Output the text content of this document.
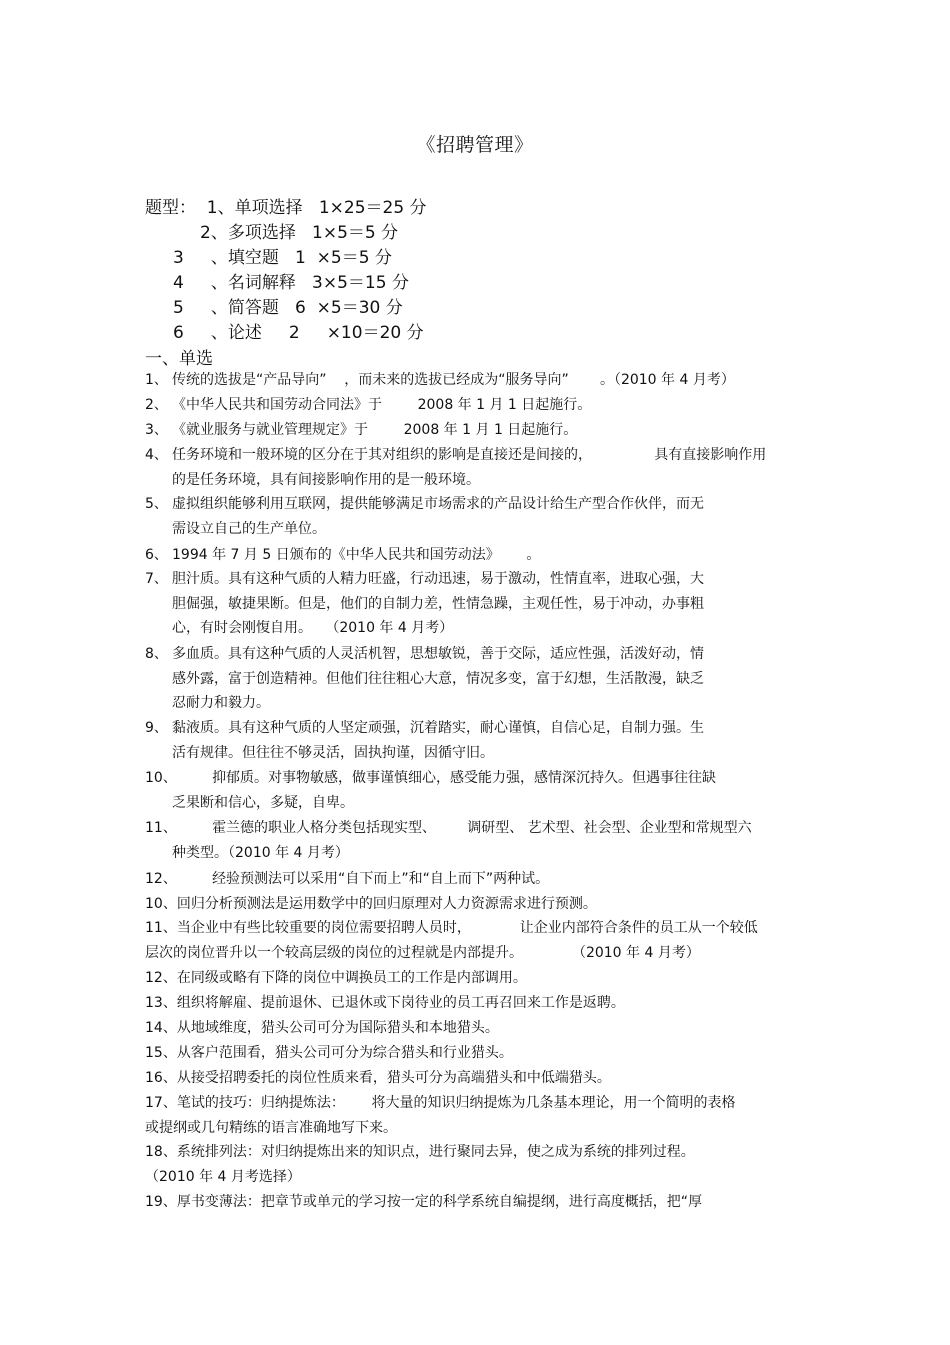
《招聘管理》
题型：  1、单项选择   1×25＝25 分
2、多项选择   1×5＝5 分
3     、填空题   1  ×5＝5 分
4     、名词解释   3×5＝15 分
5     、简答题   6  ×5＝30 分
6     、论述     2     ×10＝20 分
一、单选
1、 传统的选拔是“产品导向”    ，而未来的选拔已经成为“服务导向”       。（2010 年 4 月考）
2、 《中华人民共和国劳动合同法》于        2008 年 1 月 1 日起施行。
3、 《就业服务与就业管理规定》于        2008 年 1 月 1 日起施行。
4、 任务环境和一般环境的区分在于其对组织的影响是直接还是间接的，              具有直接影响作用
的是任务环境，具有间接影响作用的是一般环境。
5、 虚拟组织能够利用互联网，提供能够满足市场需求的产品设计给生产型合作伙伴，而无
需设立自己的生产单位。
6、 1994 年 7 月 5 日颁布的《中华人民共和国劳动法》      。
7、 胆汁质。具有这种气质的人精力旺盛，行动迅速，易于激动，性情直率，进取心强，大
胆倔强，敏捷果断。但是，他们的自制力差，性情急躁，主观任性，易于冲动，办事粗
心，有时会刚愎自用。   （2010 年 4 月考）
8、 多血质。具有这种气质的人灵活机智，思想敏锐，善于交际，适应性强，活泼好动，情
感外露，富于创造精神。但他们往往粗心大意，情况多变，富于幻想，生活散漫，缺乏
忍耐力和毅力。
9、 黏液质。具有这种气质的人坚定顽强，沉着踏实，耐心谨慎，自信心足，自制力强。生
活有规律。但往往不够灵活，固执拘谨，因循守旧。
10、	抑郁质。对事物敏感，做事谨慎细心，感受能力强，感情深沉持久。但遇事往往缺
乏果断和信心，多疑，自卑。
11、	霍兰德的职业人格分类包括现实型、       调研型、 艺术型、社会型、企业型和常规型六
种类型。（2010 年 4 月考）
12、
经验预测法可以采用“自下而上”和“自上而下”两种试。
10、回归分析预测法是运用数学中的回归原理对人力资源需求进行预测。
11、当企业中有些比较重要的岗位需要招聘人员时，           让企业内部符合条件的员工从一个较低
层次的岗位晋升以一个较高层级的岗位的过程就是内部提升。           （2010 年 4 月考）
12、在同级或略有下降的岗位中调换员工的工作是内部调用。
13、组织将解雇、提前退休、已退休或下岗待业的员工再召回来工作是返聘。
14、从地域维度，猎头公司可分为国际猎头和本地猎头。
15、从客户范围看，猎头公司可分为综合猎头和行业猎头。
16、从接受招聘委托的岗位性质来看，猎头可分为高端猎头和中低端猎头。
17、笔试的技巧：归纳提炼法：      将大量的知识归纳提炼为几条基本理论，用一个简明的表格
或提纲或几句精练的语言准确地写下来。
18、系统排列法：对归纳提炼出来的知识点，进行聚同去异，使之成为系统的排列过程。
（2010 年 4 月考选择）
19、厚书变薄法：把章节或单元的学习按一定的科学系统自编提纲，进行高度概括，把“厚
